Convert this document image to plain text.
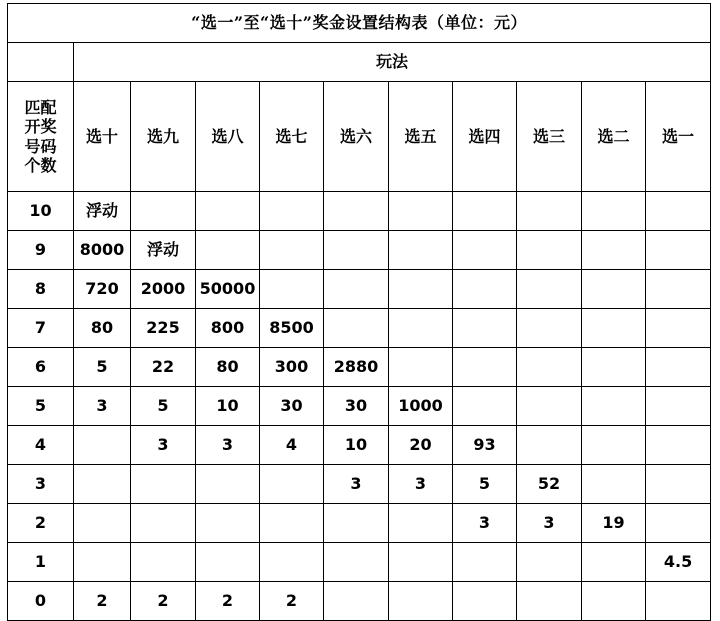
“选一”至“选十”奖金设置结构表（单位：元）										
	玩法									

匹配
开奖
号码
个数	选十	选九	选八	选七	选六	选五	选四	选三	选二	选一
10	浮动									
9	8000	浮动								
8	720	2000	50000							
7	80	225	800	8500						
6	5	22	80	300	2880					
5	3	5	10	30	30	1000				
4		3	3	4	10	20	93			
3					3	3	5	52		
2							3	3	19	
1										4.5
0	2	2	2	2						
